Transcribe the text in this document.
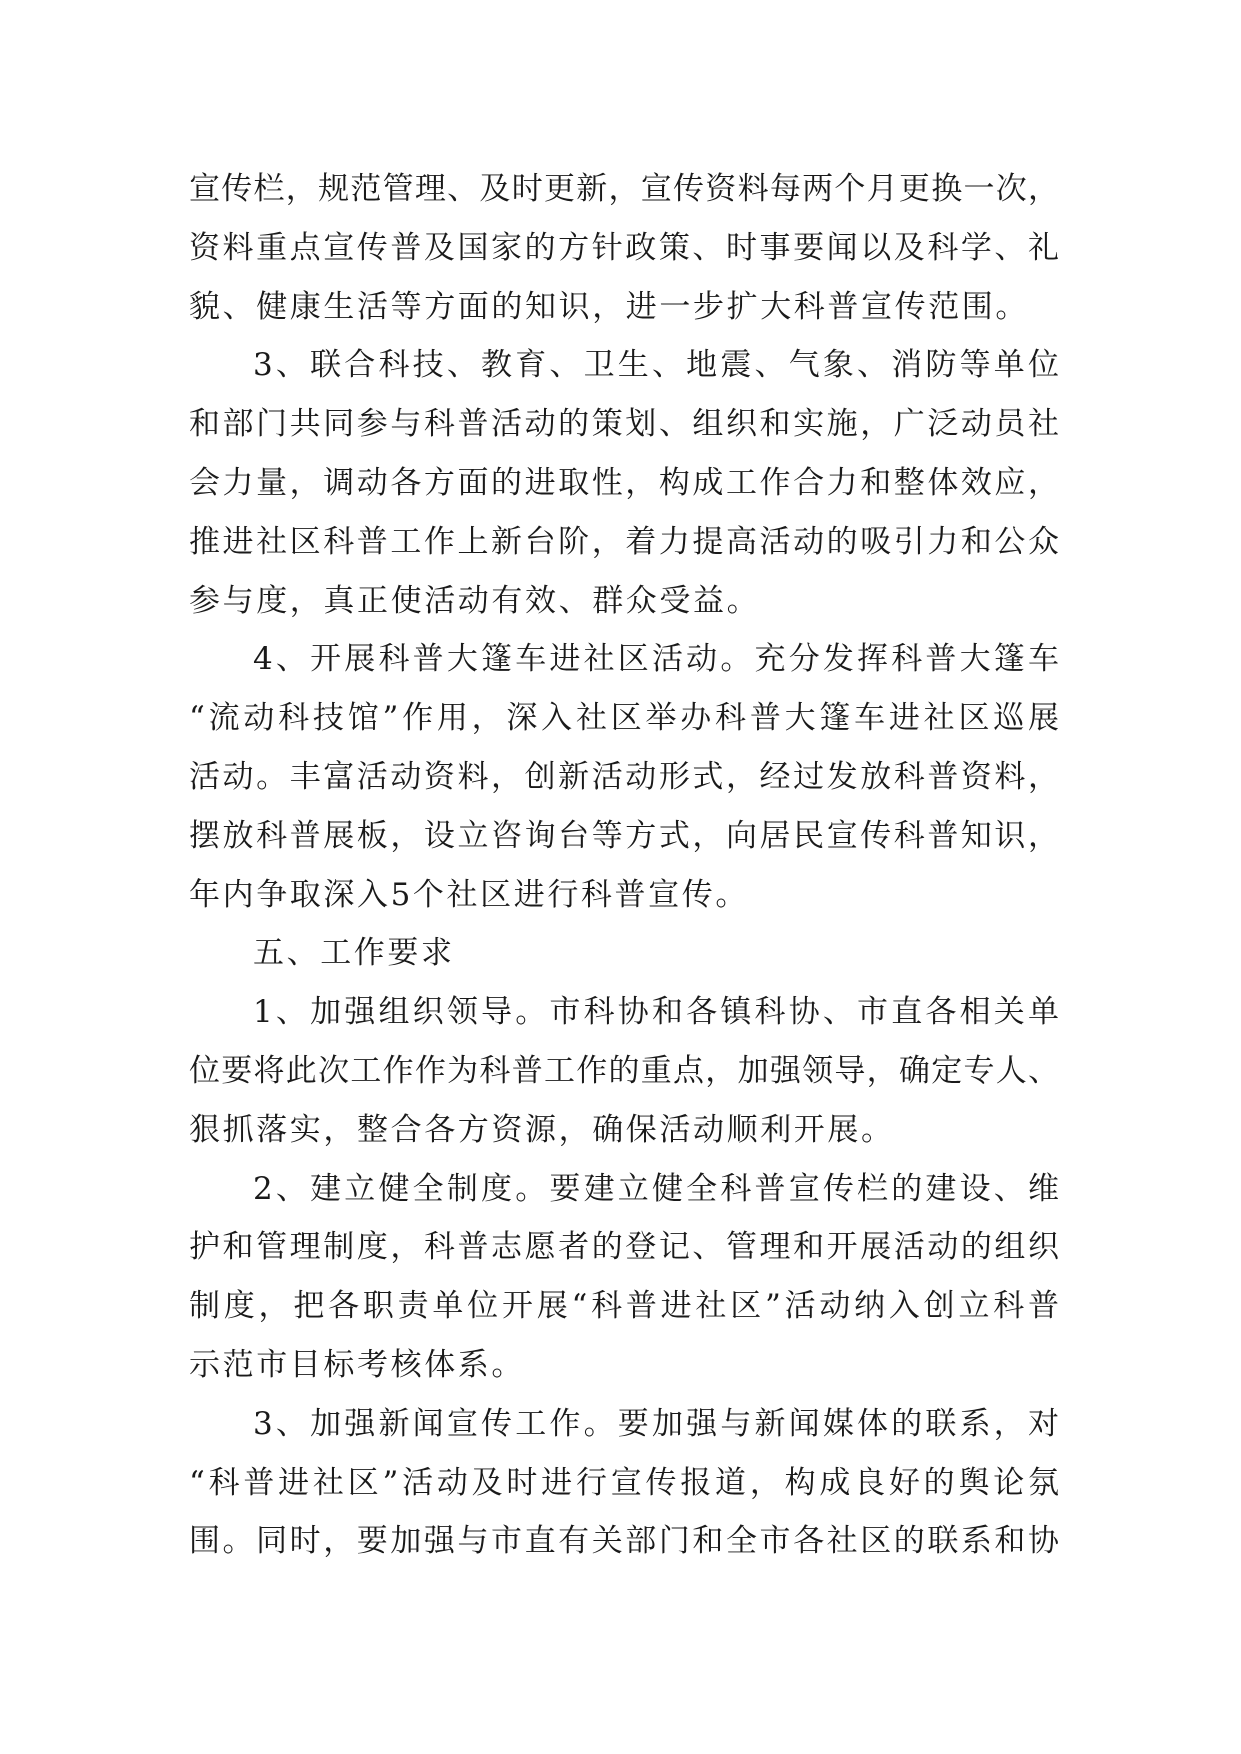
宣传栏，规范管理、及时更新，宣传资料每两个月更换一次，
资料重点宣传普及国家的方针政策、时事要闻以及科学、礼
貌、健康生活等方面的知识，进一步扩大科普宣传范围。
3、联合科技、教育、卫生、地震、气象、消防等单位
和部门共同参与科普活动的策划、组织和实施，广泛动员社
会力量，调动各方面的进取性，构成工作合力和整体效应，
推进社区科普工作上新台阶，着力提高活动的吸引力和公众
参与度，真正使活动有效、群众受益。
4、开展科普大篷车进社区活动。充分发挥科普大篷车
“流动科技馆”作用，深入社区举办科普大篷车进社区巡展
活动。丰富活动资料，创新活动形式，经过发放科普资料，
摆放科普展板，设立咨询台等方式，向居民宣传科普知识，
年内争取深入5个社区进行科普宣传。
五、工作要求
1、加强组织领导。市科协和各镇科协、市直各相关单
位要将此次工作作为科普工作的重点，加强领导，确定专人、
狠抓落实，整合各方资源，确保活动顺利开展。
2、建立健全制度。要建立健全科普宣传栏的建设、维
护和管理制度，科普志愿者的登记、管理和开展活动的组织
制度，把各职责单位开展“科普进社区”活动纳入创立科普
示范市目标考核体系。
3、加强新闻宣传工作。要加强与新闻媒体的联系，对
“科普进社区”活动及时进行宣传报道，构成良好的舆论氛
围。同时，要加强与市直有关部门和全市各社区的联系和协
